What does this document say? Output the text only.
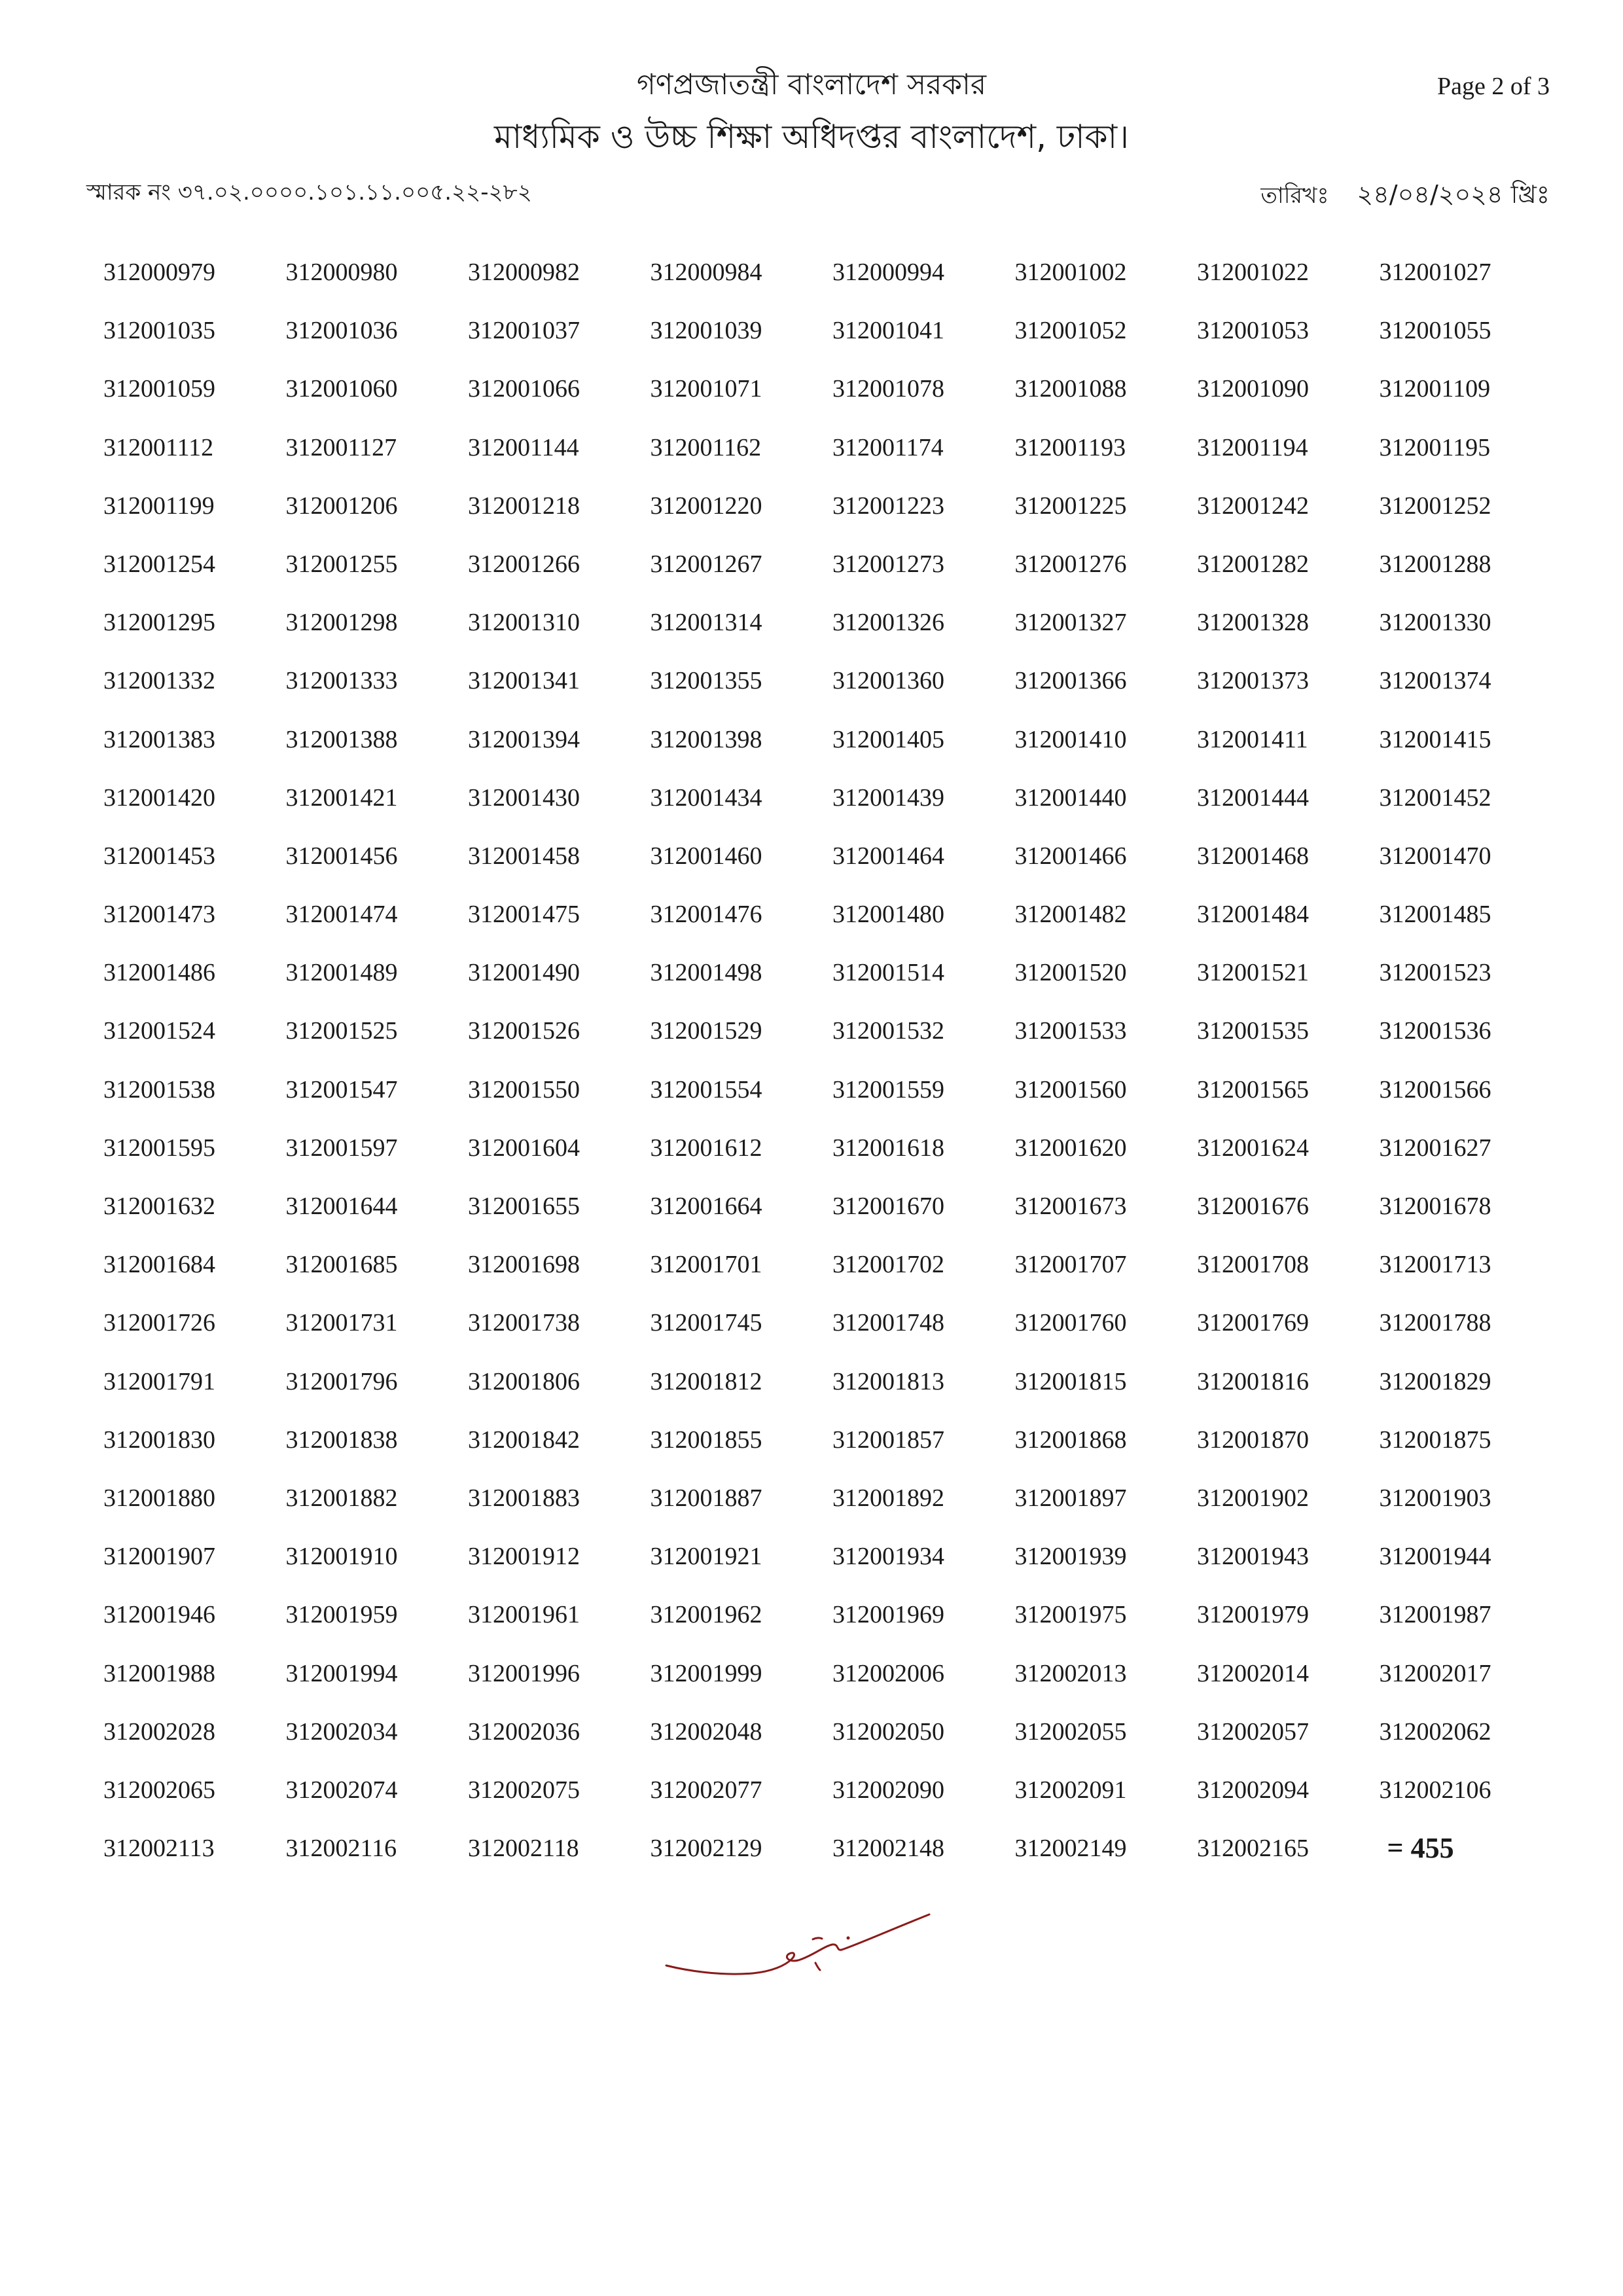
গণপ্রজাতন্ত্রী বাংলাদেশ সরকার
মাধ্যমিক ও উচ্চ শিক্ষা অধিদপ্তর বাংলাদেশ, ঢাকা।
Page 2 of 3
স্মারক নং ৩৭.০২.০০০০.১০১.১১.০০৫.২২-২৮২	তারিখঃ ২৪/০৪/২০২৪ খ্রিঃ
312000979	312000980	312000982	312000984	312000994	312001002	312001022	312001027
312001035	312001036	312001037	312001039	312001041	312001052	312001053	312001055
312001059	312001060	312001066	312001071	312001078	312001088	312001090	312001109
312001112	312001127	312001144	312001162	312001174	312001193	312001194	312001195
312001199	312001206	312001218	312001220	312001223	312001225	312001242	312001252
312001254	312001255	312001266	312001267	312001273	312001276	312001282	312001288
312001295	312001298	312001310	312001314	312001326	312001327	312001328	312001330
312001332	312001333	312001341	312001355	312001360	312001366	312001373	312001374
312001383	312001388	312001394	312001398	312001405	312001410	312001411	312001415
312001420	312001421	312001430	312001434	312001439	312001440	312001444	312001452
312001453	312001456	312001458	312001460	312001464	312001466	312001468	312001470
312001473	312001474	312001475	312001476	312001480	312001482	312001484	312001485
312001486	312001489	312001490	312001498	312001514	312001520	312001521	312001523
312001524	312001525	312001526	312001529	312001532	312001533	312001535	312001536
312001538	312001547	312001550	312001554	312001559	312001560	312001565	312001566
312001595	312001597	312001604	312001612	312001618	312001620	312001624	312001627
312001632	312001644	312001655	312001664	312001670	312001673	312001676	312001678
312001684	312001685	312001698	312001701	312001702	312001707	312001708	312001713
312001726	312001731	312001738	312001745	312001748	312001760	312001769	312001788
312001791	312001796	312001806	312001812	312001813	312001815	312001816	312001829
312001830	312001838	312001842	312001855	312001857	312001868	312001870	312001875
312001880	312001882	312001883	312001887	312001892	312001897	312001902	312001903
312001907	312001910	312001912	312001921	312001934	312001939	312001943	312001944
312001946	312001959	312001961	312001962	312001969	312001975	312001979	312001987
312001988	312001994	312001996	312001999	312002006	312002013	312002014	312002017
312002028	312002034	312002036	312002048	312002050	312002055	312002057	312002062
312002065	312002074	312002075	312002077	312002090	312002091	312002094	312002106
312002113	312002116	312002118	312002129	312002148	312002149	312002165	= 455
